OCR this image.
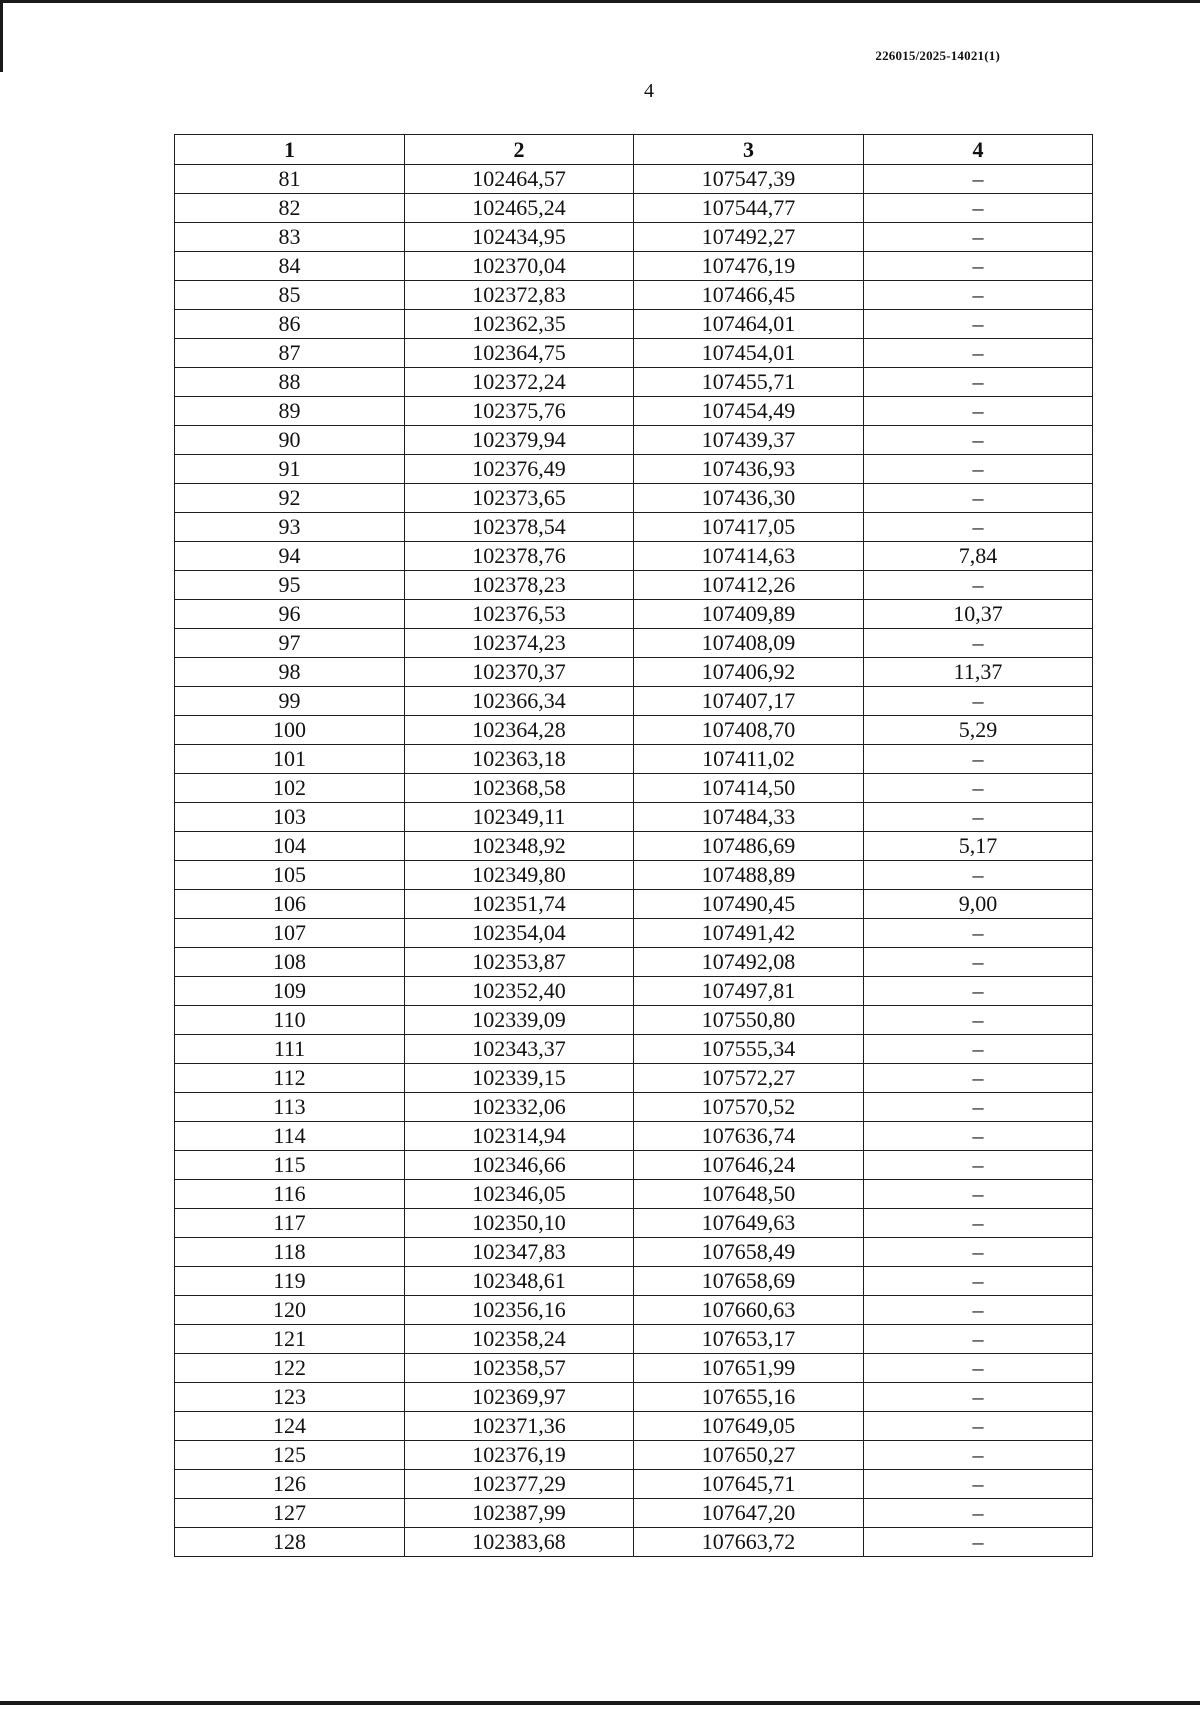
226015/2025-14021(1)
4
1	2	3	4
81	102464,57	107547,39	–
82	102465,24	107544,77	–
83	102434,95	107492,27	–
84	102370,04	107476,19	–
85	102372,83	107466,45	–
86	102362,35	107464,01	–
87	102364,75	107454,01	–
88	102372,24	107455,71	–
89	102375,76	107454,49	–
90	102379,94	107439,37	–
91	102376,49	107436,93	–
92	102373,65	107436,30	–
93	102378,54	107417,05	–
94	102378,76	107414,63	7,84
95	102378,23	107412,26	–
96	102376,53	107409,89	10,37
97	102374,23	107408,09	–
98	102370,37	107406,92	11,37
99	102366,34	107407,17	–
100	102364,28	107408,70	5,29
101	102363,18	107411,02	–
102	102368,58	107414,50	–
103	102349,11	107484,33	–
104	102348,92	107486,69	5,17
105	102349,80	107488,89	–
106	102351,74	107490,45	9,00
107	102354,04	107491,42	–
108	102353,87	107492,08	–
109	102352,40	107497,81	–
110	102339,09	107550,80	–
111	102343,37	107555,34	–
112	102339,15	107572,27	–
113	102332,06	107570,52	–
114	102314,94	107636,74	–
115	102346,66	107646,24	–
116	102346,05	107648,50	–
117	102350,10	107649,63	–
118	102347,83	107658,49	–
119	102348,61	107658,69	–
120	102356,16	107660,63	–
121	102358,24	107653,17	–
122	102358,57	107651,99	–
123	102369,97	107655,16	–
124	102371,36	107649,05	–
125	102376,19	107650,27	–
126	102377,29	107645,71	–
127	102387,99	107647,20	–
128	102383,68	107663,72	–
